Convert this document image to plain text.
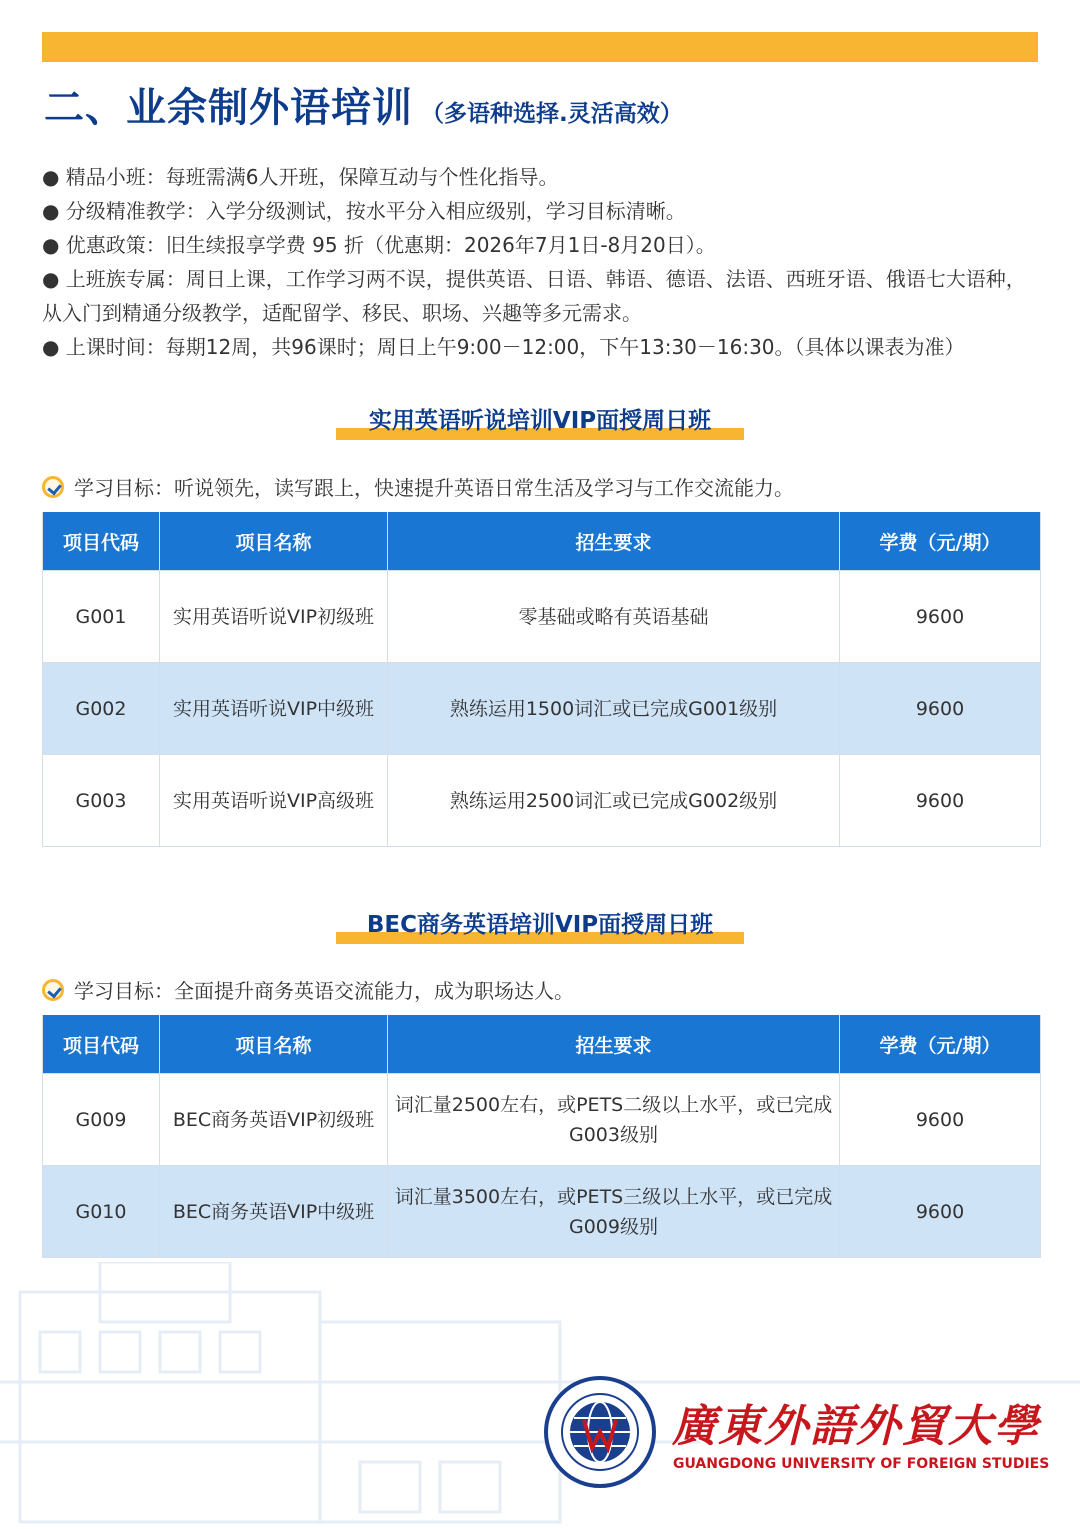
二、业余制外语培训 （多语种选择.灵活高效）

● 精品小班：每班需满6人开班，保障互动与个性化指导。

● 分级精准教学：入学分级测试，按水平分入相应级别，学习目标清晰。

● 优惠政策：旧生续报享学费 95 折（优惠期：2026年7月1日-8月20日）。

● 上班族专属：周日上课，工作学习两不误，提供英语、日语、韩语、德语、法语、西班牙语、俄语七大语种，从入门到精通分级教学，适配留学、移民、职场、兴趣等多元需求。

● 上课时间：每期12周，共96课时；周日上午9:00－12:00，下午13:30－16:30。（具体以课表为准）

实用英语听说培训VIP面授周日班
学习目标：听说领先，读写跟上，快速提升英语日常生活及学习与工作交流能力。
项目代码	项目名称	招生要求	学费（元/期）
G001	实用英语听说VIP初级班	零基础或略有英语基础	9600
G002	实用英语听说VIP中级班	熟练运用1500词汇或已完成G001级别	9600
G003	实用英语听说VIP高级班	熟练运用2500词汇或已完成G002级别	9600
BEC商务英语培训VIP面授周日班
学习目标：全面提升商务英语交流能力，成为职场达人。
项目代码	项目名称	招生要求	学费（元/期）
G009	BEC商务英语VIP初级班	词汇量2500左右，或PETS二级以上水平，或已完成G003级别	9600
G010	BEC商务英语VIP中级班	词汇量3500左右，或PETS三级以上水平，或已完成G009级别	9600
廣東外語外貿大學
GUANGDONG UNIVERSITY OF FOREIGN STUDIES
